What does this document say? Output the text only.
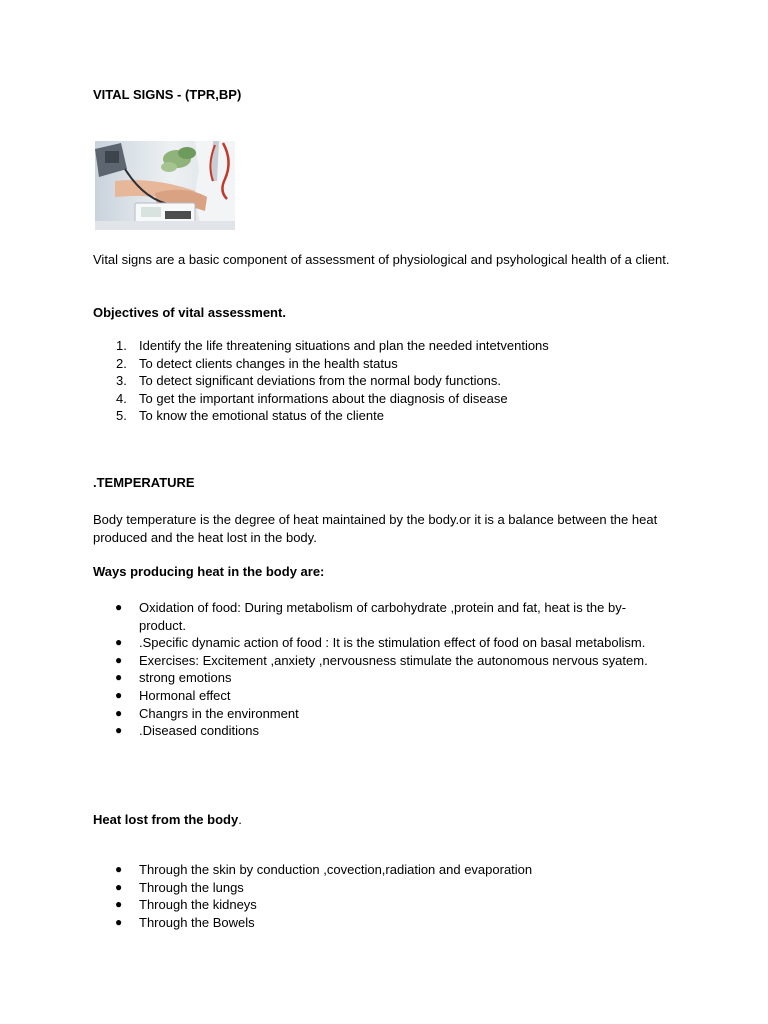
VITAL SIGNS - (TPR,BP)

Vital signs are a basic component of assessment of physiological and psyhological health of a client.

Objectives of vital assessment.
1. Identify the life threatening situations and plan the needed intetventions
2. To detect clients changes in the health status
3. To detect significant deviations from the normal body functions.
4. To get the important informations about the diagnosis of disease
5. To know the emotional status of the cliente
.TEMPERATURE

Body temperature is the degree of heat maintained by the body.or it is a balance between the heat produced and the heat lost in the body.

Ways producing heat in the body are:
● Oxidation of food: During metabolism of carbohydrate ,protein and fat, heat is the by- product.
● .Specific dynamic action of food : It is the stimulation effect of food on basal metabolism.
● Exercises: Excitement ,anxiety ,nervousness stimulate the autonomous nervous syatem.
● strong emotions
● Hormonal effect
● Changrs in the environment
● .Diseased conditions
Heat lost from the body.
● Through the skin by conduction ,covection,radiation and evaporation
● Through the lungs
● Through the kidneys
● Through the Bowels
